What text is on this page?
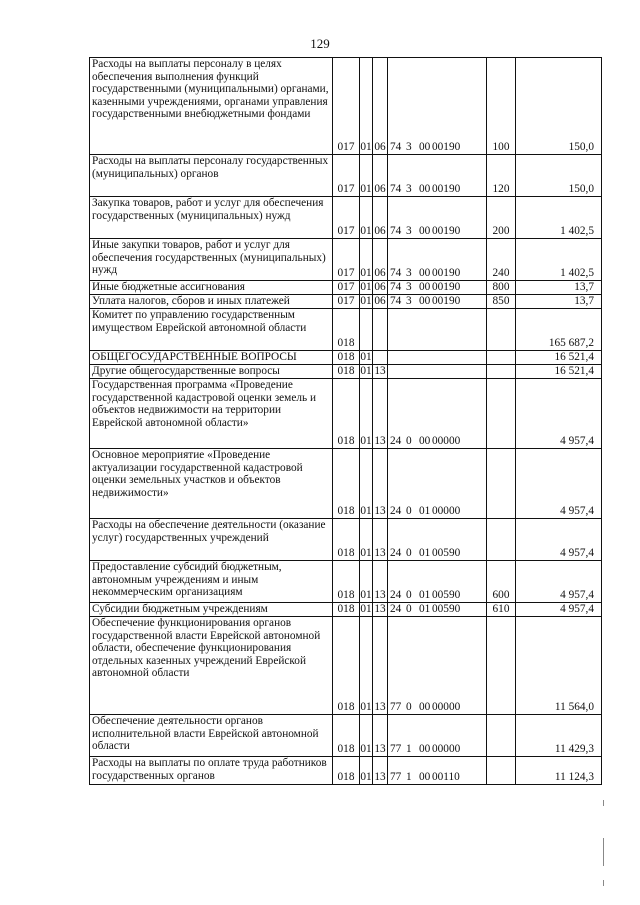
129
Расходы на выплаты персоналу в целях обеспечения выполнения функций государственными (муниципальными) органами, казенными учреждениями, органами управления государственными внебюджетными фондами	017	01	06	74 3 00 00190	100	150,0
Расходы на выплаты персоналу государственных (муниципальных) органов	017	01	06	74 3 00 00190	120	150,0
Закупка товаров, работ и услуг для обеспечения государственных (муниципальных) нужд	017	01	06	74 3 00 00190	200	1 402,5
Иные закупки товаров, работ и услуг для обеспечения государственных (муниципальных) нужд	017	01	06	74 3 00 00190	240	1 402,5
Иные бюджетные ассигнования	017	01	06	74 3 00 00190	800	13,7
Уплата налогов, сборов и иных платежей	017	01	06	74 3 00 00190	850	13,7
Комитет по управлению государственным имуществом Еврейской автономной области	018					165 687,2
ОБЩЕГОСУДАРСТВЕННЫЕ ВОПРОСЫ	018	01				16 521,4
Другие общегосударственные вопросы	018	01	13			16 521,4
Государственная программа «Проведение государственной кадастровой оценки земель и объектов недвижимости на территории Еврейской автономной области»	018	01	13	24 0 00 00000		4 957,4
Основное мероприятие «Проведение актуализации государственной кадастровой оценки земельных участков и объектов недвижимости»	018	01	13	24 0 01 00000		4 957,4
Расходы на обеспечение деятельности (оказание услуг) государственных учреждений	018	01	13	24 0 01 00590		4 957,4
Предоставление субсидий бюджетным, автономным учреждениям и иным некоммерческим организациям	018	01	13	24 0 01 00590	600	4 957,4
Субсидии бюджетным учреждениям	018	01	13	24 0 01 00590	610	4 957,4
Обеспечение функционирования органов государственной власти Еврейской автономной области, обеспечение функционирования отдельных казенных учреждений Еврейской автономной области	018	01	13	77 0 00 00000		11 564,0
Обеспечение деятельности органов исполнительной власти Еврейской автономной области	018	01	13	77 1 00 00000		11 429,3
Расходы на выплаты по оплате труда работников государственных органов	018	01	13	77 1 00 00110		11 124,3
